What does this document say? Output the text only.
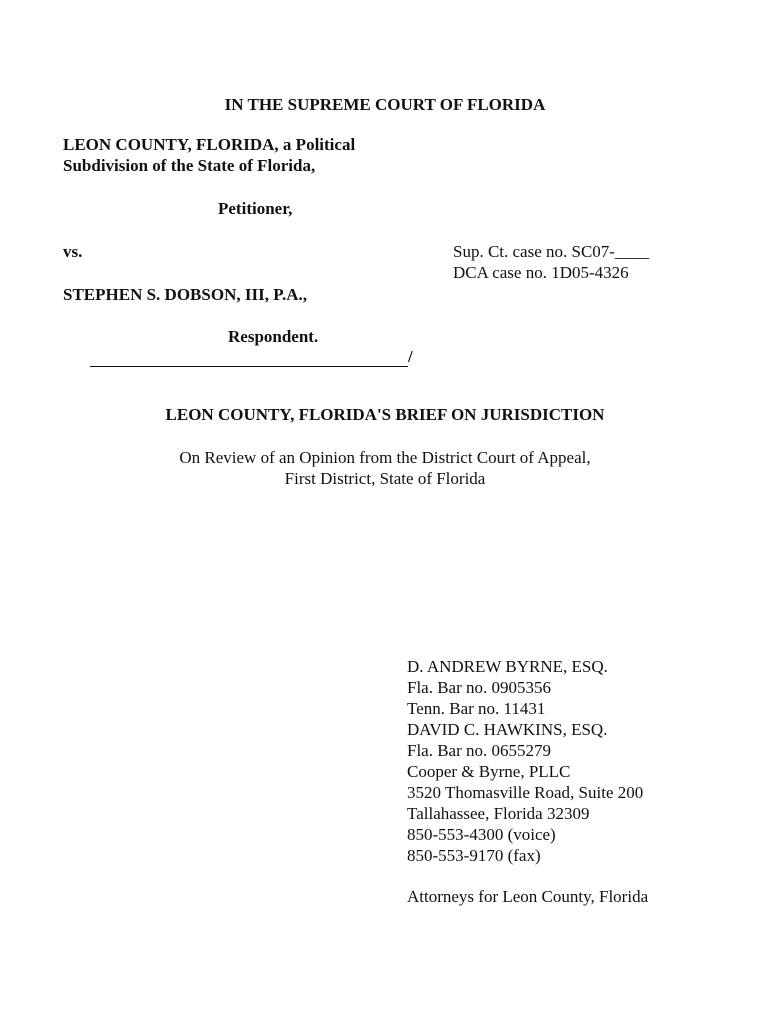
IN THE SUPREME COURT OF FLORIDA
LEON COUNTY, FLORIDA, a Political
Subdivision of the State of Florida,
Petitioner,
vs.	Sup. Ct. case no. SC07-____
DCA case no. 1D05-4326
STEPHEN S. DOBSON, III, P.A.,
Respondent.
/
LEON COUNTY, FLORIDA'S BRIEF ON JURISDICTION
On Review of an Opinion from the District Court of Appeal,
First District, State of Florida
D. ANDREW BYRNE, ESQ.
Fla. Bar no. 0905356
Tenn. Bar no. 11431
DAVID C. HAWKINS, ESQ.
Fla. Bar no. 0655279
Cooper & Byrne, PLLC
3520 Thomasville Road, Suite 200
Tallahassee, Florida 32309
850-553-4300 (voice)
850-553-9170 (fax)
Attorneys for Leon County, Florida
